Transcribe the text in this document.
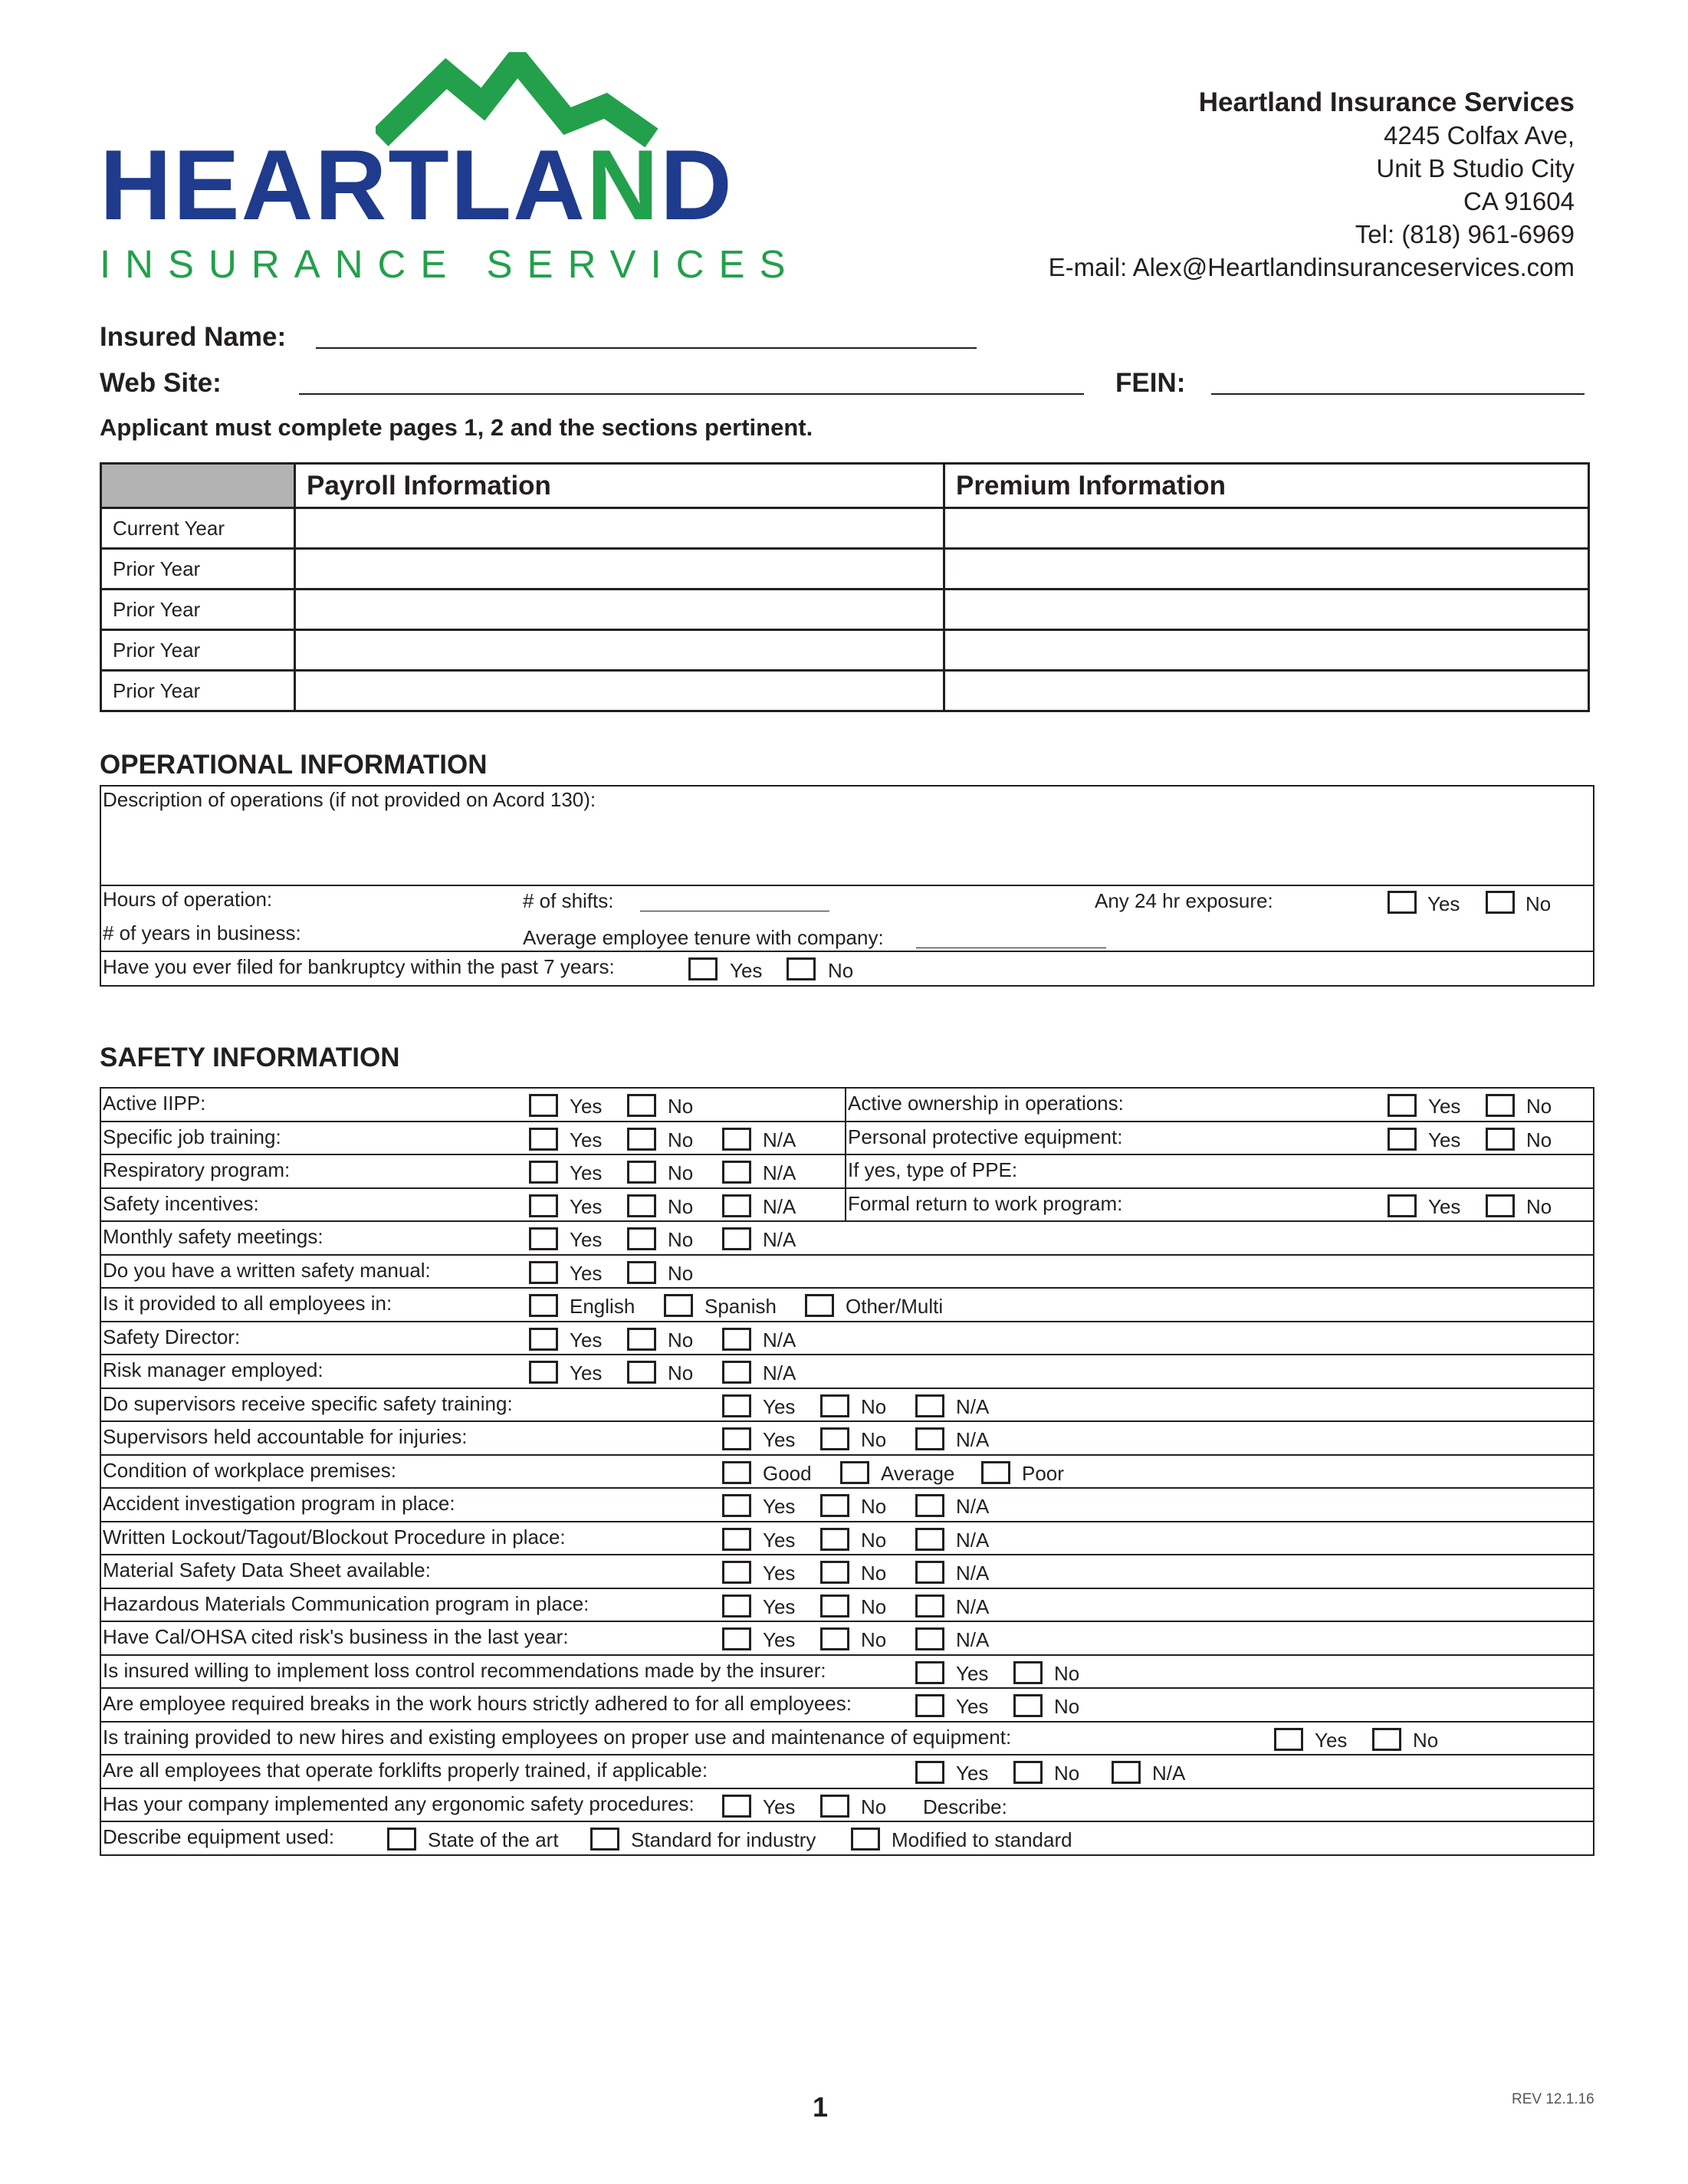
HEARTLAND
INSURANCE SERVICES
Heartland Insurance Services
4245 Colfax Ave,
Unit B Studio City
CA 91604
Tel: (818) 961-6969
E-mail: Alex@Heartlandinsuranceservices.com
Insured Name:
Web Site:	FEIN:
Applicant must complete pages 1, 2 and the sections pertinent.
	Payroll Information	Premium Information
Current Year		
Prior Year		
Prior Year		
Prior Year		
Prior Year		
OPERATIONAL INFORMATION
Description of operations (if not provided on Acord 130):
Hours of operation:	# of shifts:	Any 24 hr exposure:	Yes	No
# of years in business:	Average employee tenure with company:
Have you ever filed for bankruptcy within the past 7 years:	Yes	No
SAFETY INFORMATION
Active IIPP:	Yes	No
Specific job training:	Yes	No	N/A
Respiratory program:	Yes	No	N/A
Safety incentives:	Yes	No	N/A
Active ownership in operations:	Yes	No
Personal protective equipment:	Yes	No
If yes, type of PPE:
Formal return to work program:	Yes	No
Monthly safety meetings:	Yes	No	N/A
Do you have a written safety manual:	Yes	No
Is it provided to all employees in:	English	Spanish	Other/Multi
Safety Director:	Yes	No	N/A
Risk manager employed:	Yes	No	N/A
Do supervisors receive specific safety training:	Yes	No	N/A
Supervisors held accountable for injuries:	Yes	No	N/A
Condition of workplace premises:	Good	Average	Poor
Accident investigation program in place:	Yes	No	N/A
Written Lockout/Tagout/Blockout Procedure in place:	Yes	No	N/A
Material Safety Data Sheet available:	Yes	No	N/A
Hazardous Materials Communication program in place:	Yes	No	N/A
Have Cal/OHSA cited risk's business in the last year:	Yes	No	N/A
Is insured willing to implement loss control recommendations made by the insurer:	Yes	No
Are employee required breaks in the work hours strictly adhered to for all employees:	Yes	No
Is training provided to new hires and existing employees on proper use and maintenance of equipment:	Yes	No
Are all employees that operate forklifts properly trained, if applicable:	Yes	No	N/A
Has your company implemented any ergonomic safety procedures:	Yes	No Describe:
Describe equipment used:	State of the art	Standard for industry	Modified to standard
1	REV 12.1.16
